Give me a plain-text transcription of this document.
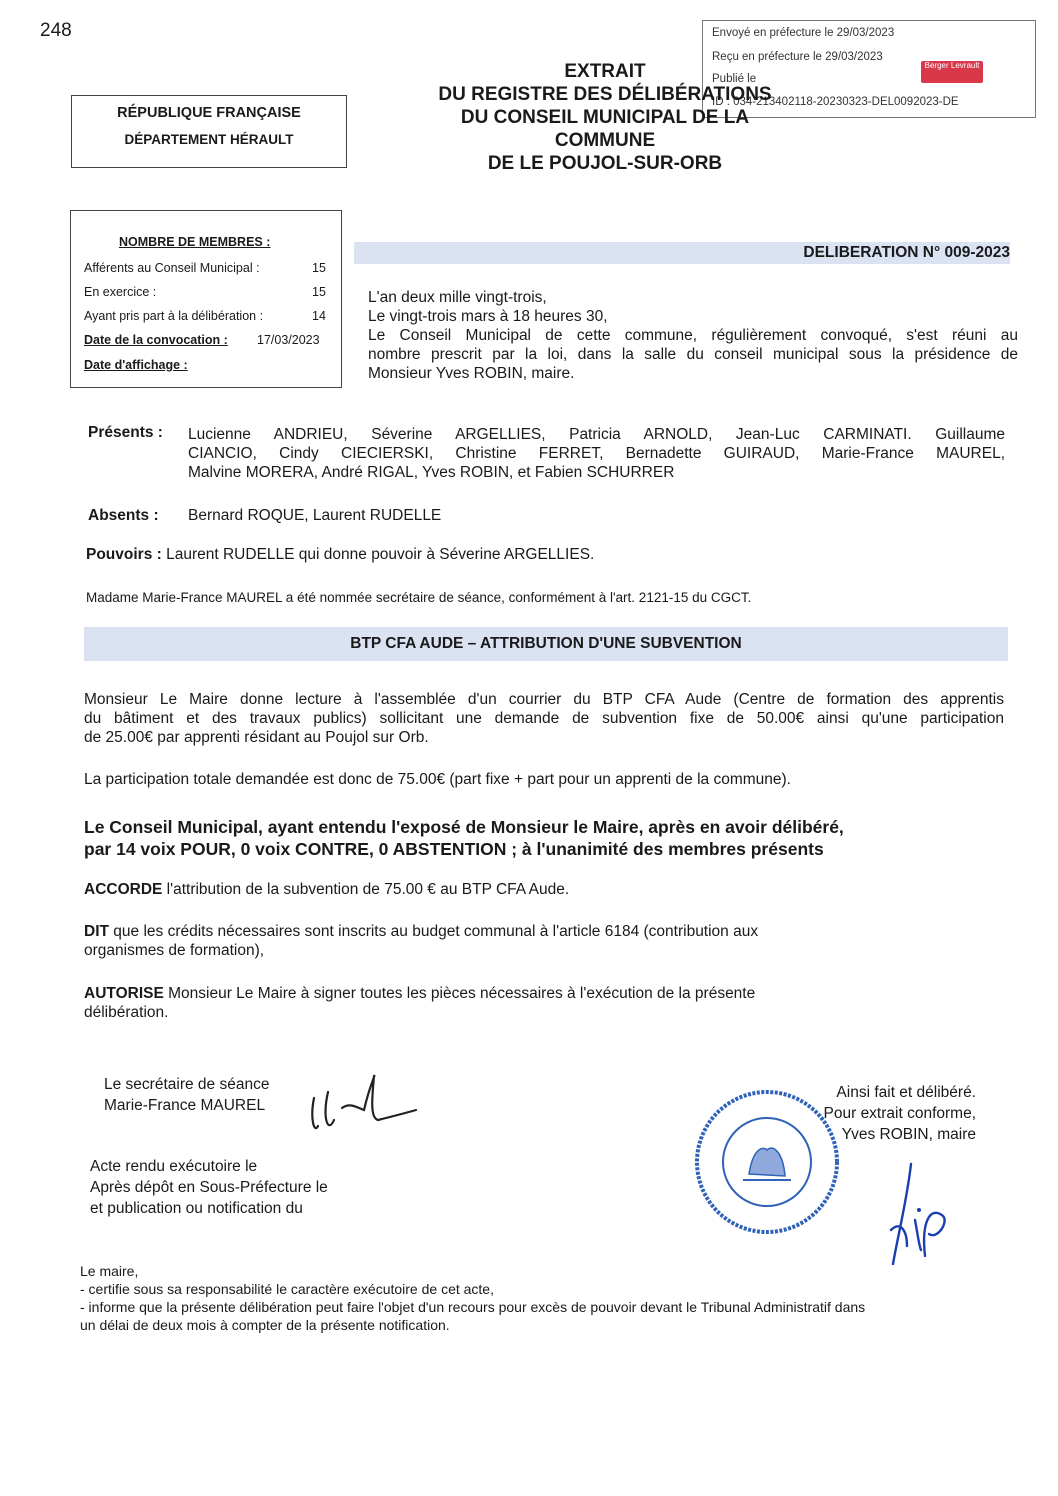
248	Envoyé en préfecture le 29/03/2023
Reçu en préfecture le 29/03/2023
Publié le
ID : 034-213402118-20230323-DEL0092023-DE
Berger Levrault
EXTRAIT
DU REGISTRE DES DÉLIBÉRATIONS
DU CONSEIL MUNICIPAL DE LA
COMMUNE
DE LE POUJOL-SUR-ORB
RÉPUBLIQUE FRANÇAISE
DÉPARTEMENT HÉRAULT
NOMBRE DE MEMBRES :
Afférents au Conseil Municipal :	15
En exercice :	15
Ayant pris part à la délibération :	14
Date de la convocation : 17/03/2023
Date d'affichage :
DELIBERATION N° 009-2023
L'an deux mille vingt-trois,
Le vingt-trois mars à 18 heures 30,
Le Conseil Municipal de cette commune, régulièrement convoqué, s'est réuni au
nombre prescrit par la loi, dans la salle du conseil municipal sous la présidence de
Monsieur Yves ROBIN, maire.
Présents : Lucienne ANDRIEU, Séverine ARGELLIES, Patricia ARNOLD, Jean-Luc CARMINATI. Guillaume
CIANCIO, Cindy CIECIERSKI, Christine FERRET, Bernadette GUIRAUD, Marie-France MAUREL,
Malvine MORERA, André RIGAL, Yves ROBIN, et Fabien SCHURRER
Absents : Bernard ROQUE, Laurent RUDELLE
Pouvoirs : Laurent RUDELLE qui donne pouvoir à Séverine ARGELLIES.
Madame Marie-France MAUREL a été nommée secrétaire de séance, conformément à l'art. 2121-15 du CGCT.
BTP CFA AUDE – ATTRIBUTION D'UNE SUBVENTION
Monsieur Le Maire donne lecture à l'assemblée d'un courrier du BTP CFA Aude (Centre de formation des apprentis
du bâtiment et des travaux publics) sollicitant une demande de subvention fixe de 50.00€ ainsi qu'une participation
de 25.00€ par apprenti résidant au Poujol sur Orb.
La participation totale demandée est donc de 75.00€ (part fixe + part pour un apprenti de la commune).
Le Conseil Municipal, ayant entendu l'exposé de Monsieur le Maire, après en avoir délibéré,
par 14 voix POUR, 0 voix CONTRE, 0 ABSTENTION ; à l'unanimité des membres présents
ACCORDE l'attribution de la subvention de 75.00 € au BTP CFA Aude.
DIT que les crédits nécessaires sont inscrits au budget communal à l'article 6184 (contribution aux
organismes de formation),
AUTORISE Monsieur Le Maire à signer toutes les pièces nécessaires à l'exécution de la présente
délibération.
Le secrétaire de séance
Marie-France MAUREL
Acte rendu exécutoire le
Après dépôt en Sous-Préfecture le
et publication ou notification du
Ainsi fait et délibéré.
Pour extrait conforme,
Yves ROBIN, maire
Le maire,
- certifie sous sa responsabilité le caractère exécutoire de cet acte,
- informe que la présente délibération peut faire l'objet d'un recours pour excès de pouvoir devant le Tribunal Administratif dans
un délai de deux mois à compter de la présente notification.
